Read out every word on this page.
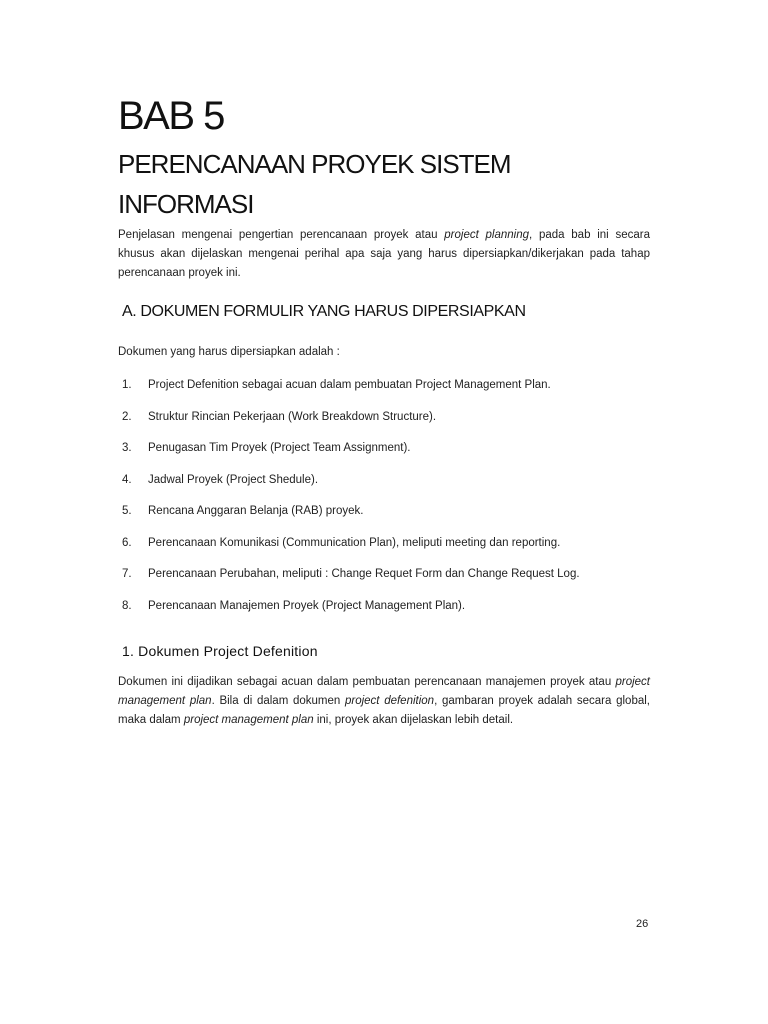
BAB 5
PERENCANAAN PROYEK SISTEM INFORMASI

Penjelasan mengenai pengertian perencanaan proyek atau project planning, pada bab ini secara khusus akan dijelaskan mengenai perihal apa saja yang harus dipersiapkan/dikerjakan pada tahap perencanaan proyek ini.

A. DOKUMEN FORMULIR YANG HARUS DIPERSIAPKAN

Dokumen yang harus dipersiapkan adalah :

1.	Project Defenition sebagai acuan dalam pembuatan Project Management Plan.
2.	Struktur Rincian Pekerjaan (Work Breakdown Structure).
3.	Penugasan Tim Proyek (Project Team Assignment).
4.	Jadwal Proyek (Project Shedule).
5.	Rencana Anggaran Belanja (RAB) proyek.
6.	Perencanaan Komunikasi (Communication Plan), meliputi meeting dan reporting.
7.	Perencanaan Perubahan, meliputi : Change Requet Form dan Change Request Log.
8.	Perencanaan Manajemen Proyek (Project Management Plan).
1. Dokumen Project Defenition

Dokumen ini dijadikan sebagai acuan dalam pembuatan perencanaan manajemen proyek atau project management plan. Bila di dalam dokumen project defenition, gambaran proyek adalah secara global, maka dalam project management plan ini, proyek akan dijelaskan lebih detail.

26
